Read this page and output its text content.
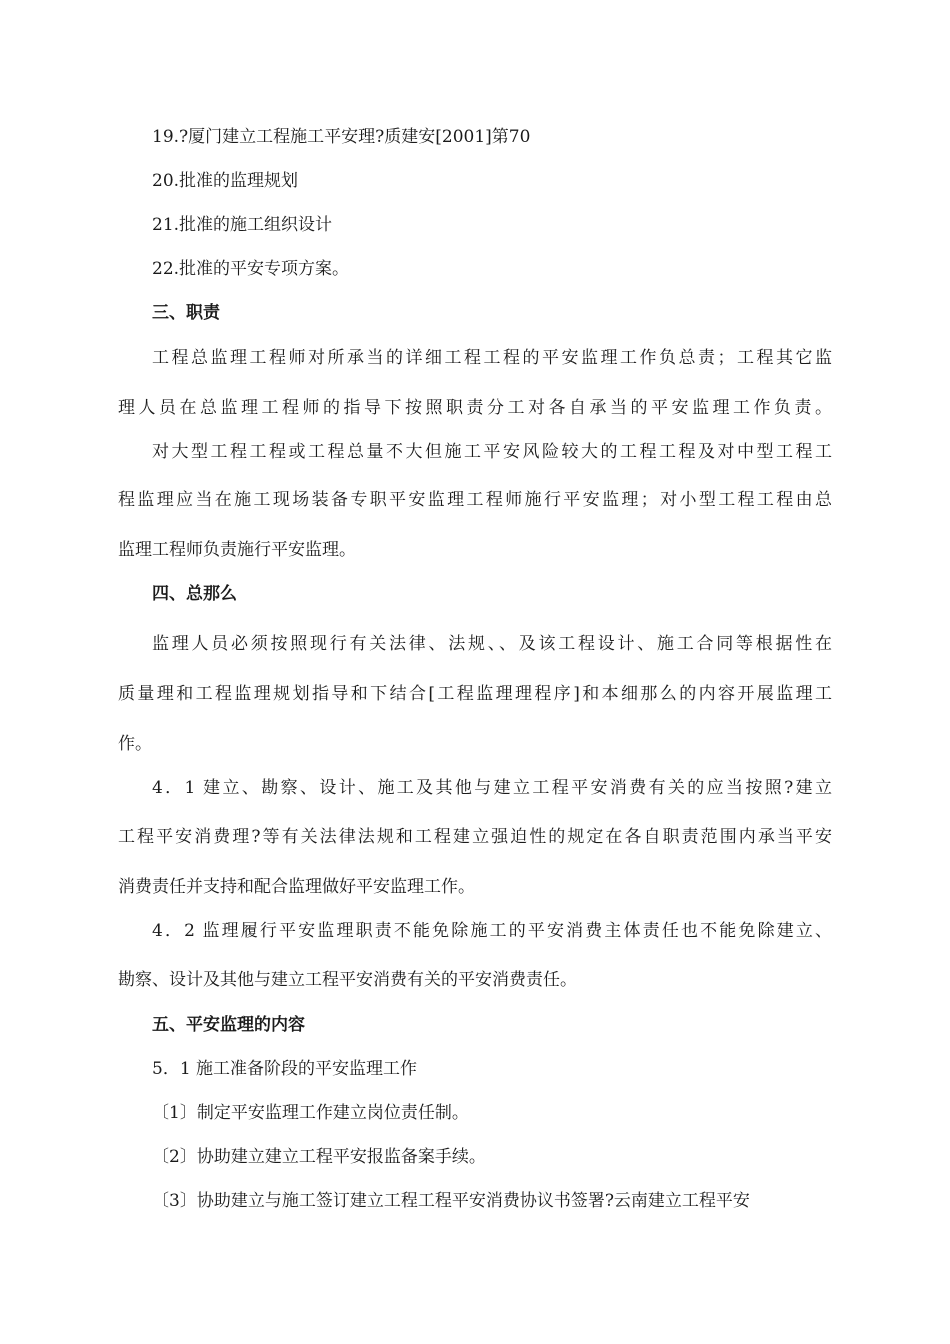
19.?厦门建立工程施工平安理?质建安[2001]第70
20.批准的监理规划
21.批准的施工组织设计
22.批准的平安专项方案。
三、职责
工程总监理工程师对所承当的详细工程工程的平安监理工作负总责；工程其它监
理人员在总监理工程师的指导下按照职责分工对各自承当的平安监理工作负责。
对大型工程工程或工程总量不大但施工平安风险较大的工程工程及对中型工程工
程监理应当在施工现场装备专职平安监理工程师施行平安监理；对小型工程工程由总
监理工程师负责施行平安监理。
四、总那么
监理人员必须按照现行有关法律、法规、、及该工程设计、施工合同等根据性在
质量理和工程监理规划指导和下结合[工程监理理程序]和本细那么的内容开展监理工
作。
4．1 建立、勘察、设计、施工及其他与建立工程平安消费有关的应当按照?建立
工程平安消费理?等有关法律法规和工程建立强迫性的规定在各自职责范围内承当平安
消费责任并支持和配合监理做好平安监理工作。
4．2 监理履行平安监理职责不能免除施工的平安消费主体责任也不能免除建立、
勘察、设计及其他与建立工程平安消费有关的平安消费责任。
五、平安监理的内容
5．1 施工准备阶段的平安监理工作
〔1〕制定平安监理工作建立岗位责任制。
〔2〕协助建立建立工程平安报监备案手续。
〔3〕协助建立与施工签订建立工程工程平安消费协议书签署?云南建立工程平安
